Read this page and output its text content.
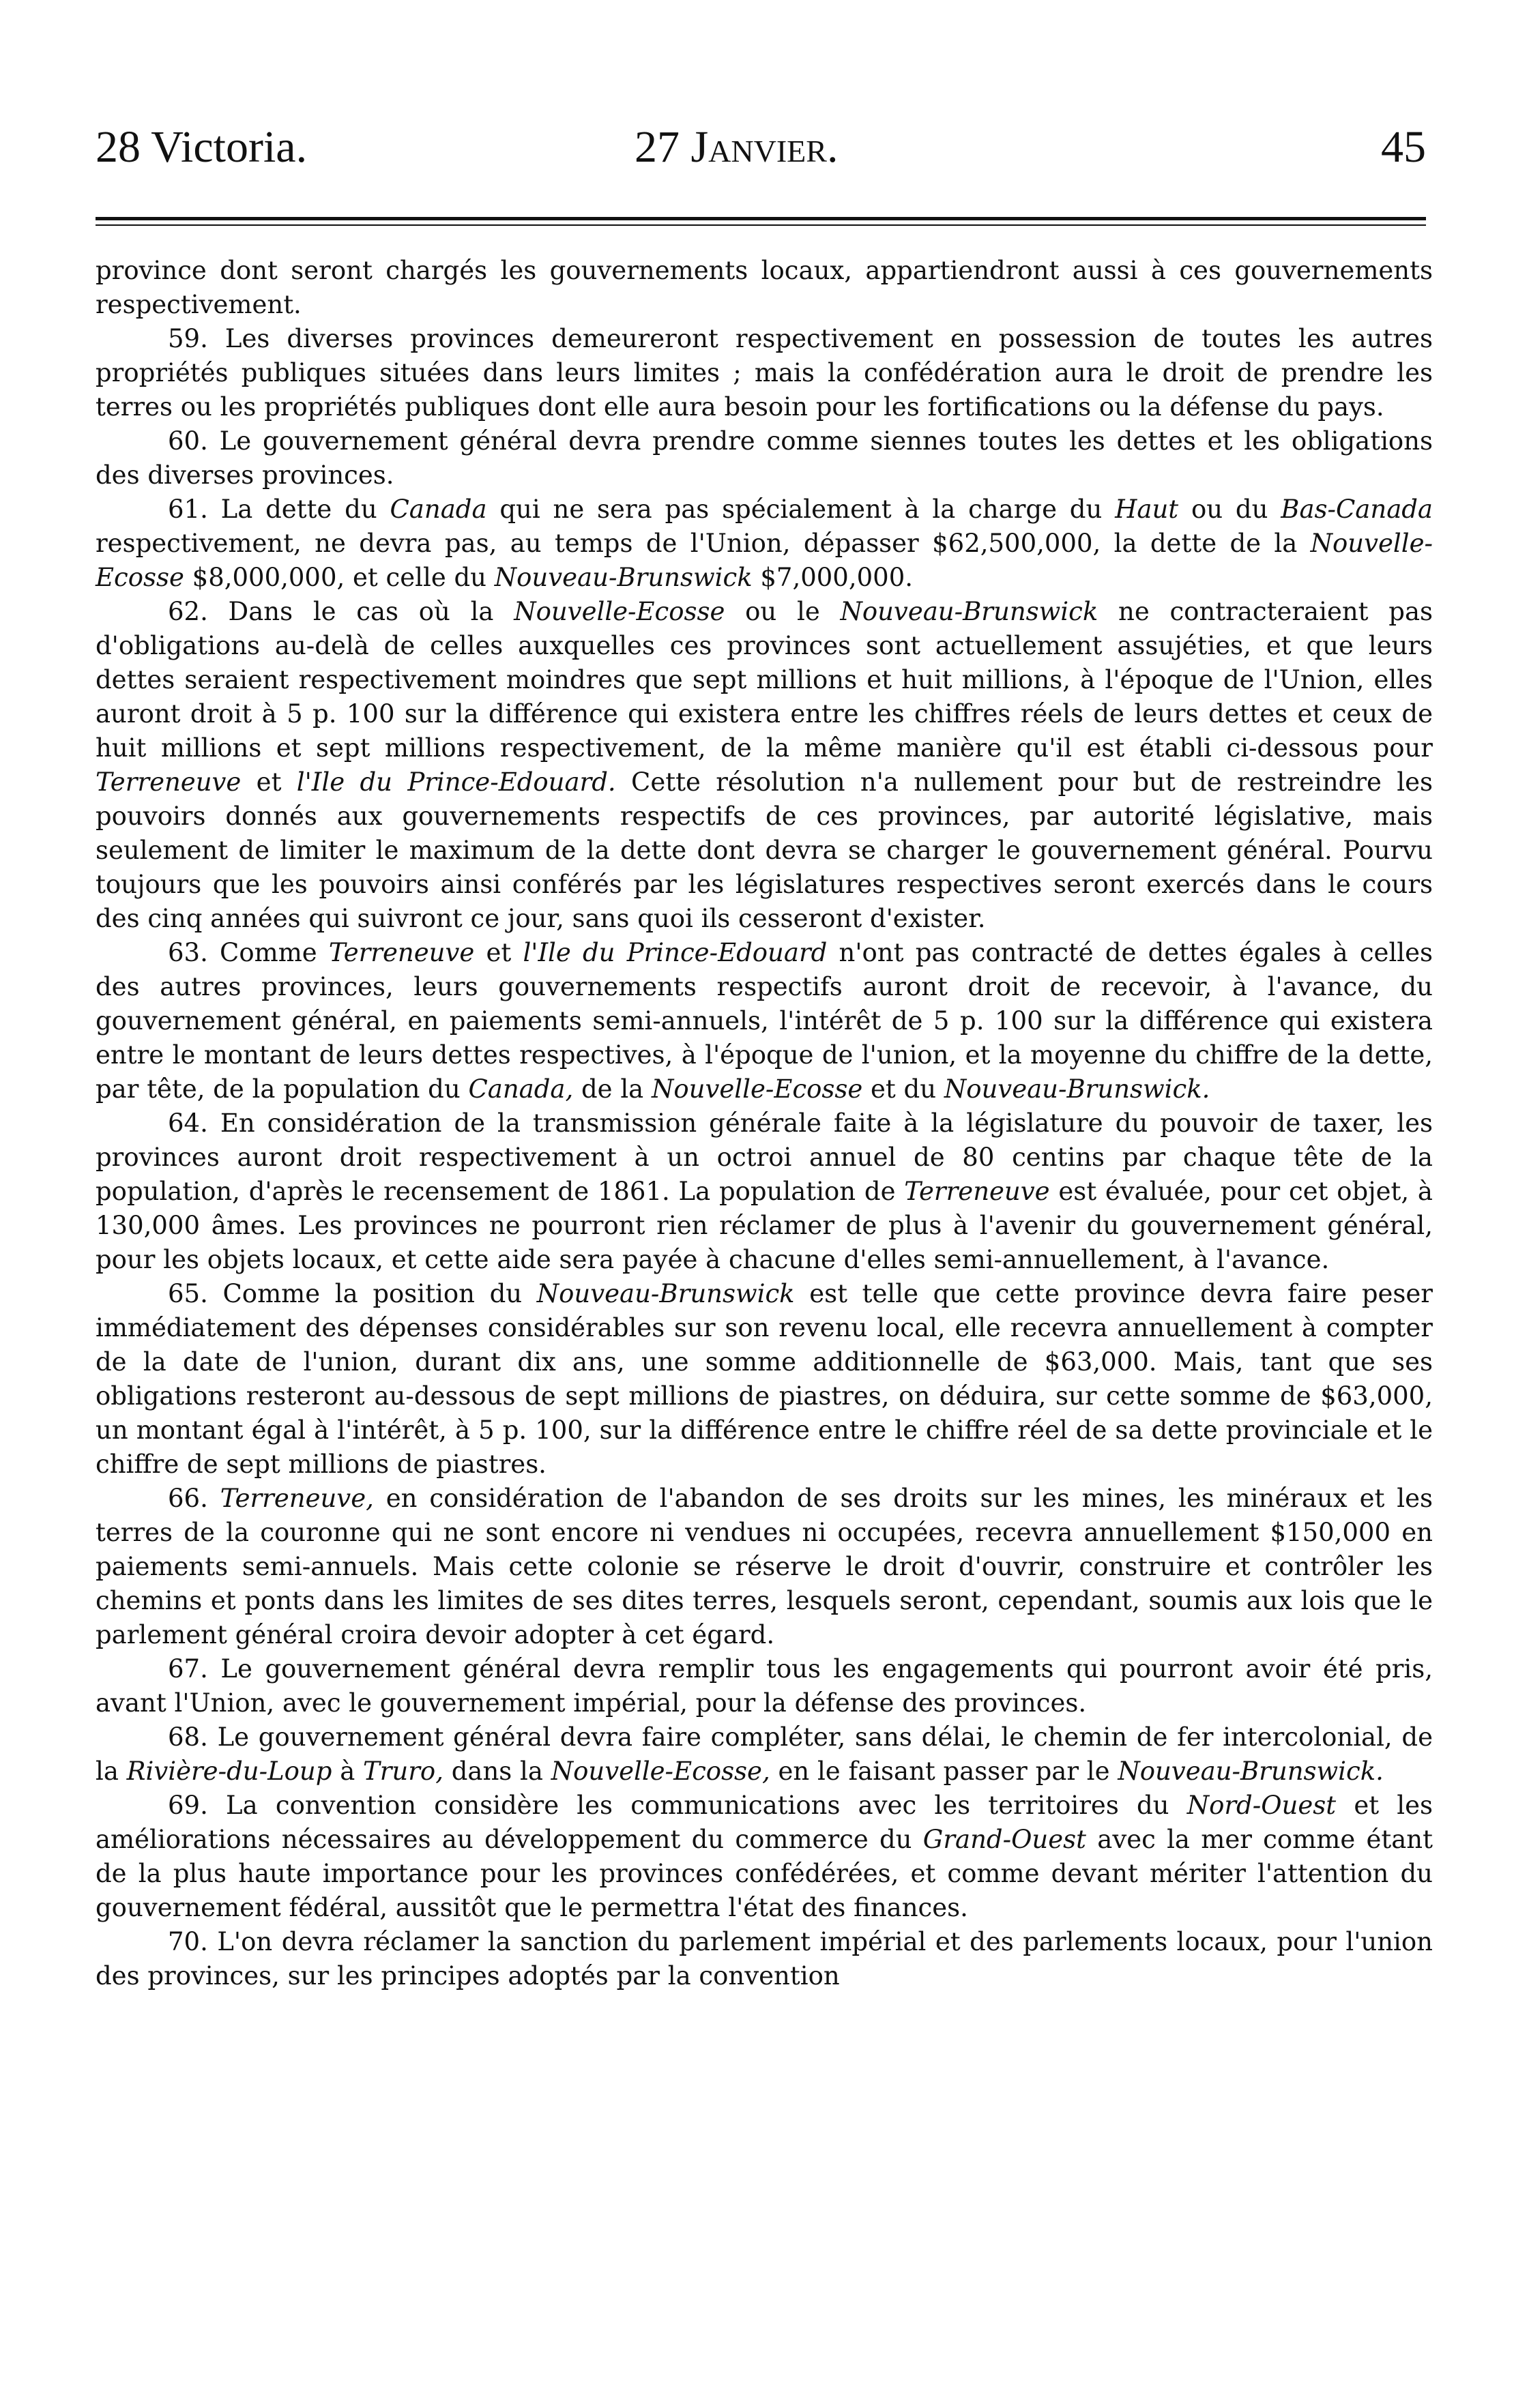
28 Victoria.	27 Janvier.	45

province dont seront chargés les gouvernements locaux, appartiendront aussi à ces gouvernements respectivement.

59. Les diverses provinces demeureront respectivement en possession de toutes les autres propriétés publiques situées dans leurs limites ; mais la confédération aura le droit de prendre les terres ou les propriétés publiques dont elle aura besoin pour les fortifications ou la défense du pays.

60. Le gouvernement général devra prendre comme siennes toutes les dettes et les obligations des diverses provinces.

61. La dette du Canada qui ne sera pas spécialement à la charge du Haut ou du Bas-Canada respectivement, ne devra pas, au temps de l'Union, dépasser $62,500,000, la dette de la Nouvelle-Ecosse $8,000,000, et celle du Nouveau-Brunswick $7,000,000.

62. Dans le cas où la Nouvelle-Ecosse ou le Nouveau-Brunswick ne contracteraient pas d'obligations au-delà de celles auxquelles ces provinces sont actuellement assujéties, et que leurs dettes seraient respectivement moindres que sept millions et huit millions, à l'époque de l'Union, elles auront droit à 5 p. 100 sur la différence qui existera entre les chiffres réels de leurs dettes et ceux de huit millions et sept millions respectivement, de la même manière qu'il est établi ci-dessous pour Terreneuve et l'Ile du Prince-Edouard. Cette résolution n'a nullement pour but de restreindre les pouvoirs donnés aux gouvernements respectifs de ces provinces, par autorité législative, mais seulement de limiter le maximum de la dette dont devra se charger le gouvernement général. Pourvu toujours que les pouvoirs ainsi conférés par les législatures respectives seront exercés dans le cours des cinq années qui suivront ce jour, sans quoi ils cesseront d'exister.

63. Comme Terreneuve et l'Ile du Prince-Edouard n'ont pas contracté de dettes égales à celles des autres provinces, leurs gouvernements respectifs auront droit de recevoir, à l'avance, du gouvernement général, en paiements semi-annuels, l'intérêt de 5 p. 100 sur la différence qui existera entre le montant de leurs dettes respectives, à l'époque de l'union, et la moyenne du chiffre de la dette, par tête, de la population du Canada, de la Nouvelle-Ecosse et du Nouveau-Brunswick.

64. En considération de la transmission générale faite à la législature du pouvoir de taxer, les provinces auront droit respectivement à un octroi annuel de 80 centins par chaque tête de la population, d'après le recensement de 1861. La population de Terreneuve est évaluée, pour cet objet, à 130,000 âmes. Les provinces ne pourront rien réclamer de plus à l'avenir du gouvernement général, pour les objets locaux, et cette aide sera payée à chacune d'elles semi-annuellement, à l'avance.

65. Comme la position du Nouveau-Brunswick est telle que cette province devra faire peser immédiatement des dépenses considérables sur son revenu local, elle recevra annuellement à compter de la date de l'union, durant dix ans, une somme additionnelle de $63,000. Mais, tant que ses obligations resteront au-dessous de sept millions de piastres, on déduira, sur cette somme de $63,000, un montant égal à l'intérêt, à 5 p. 100, sur la différence entre le chiffre réel de sa dette provinciale et le chiffre de sept millions de piastres.

66. Terreneuve, en considération de l'abandon de ses droits sur les mines, les minéraux et les terres de la couronne qui ne sont encore ni vendues ni occupées, recevra annuellement $150,000 en paiements semi-annuels. Mais cette colonie se réserve le droit d'ouvrir, construire et contrôler les chemins et ponts dans les limites de ses dites terres, lesquels seront, cependant, soumis aux lois que le parlement général croira devoir adopter à cet égard.

67. Le gouvernement général devra remplir tous les engagements qui pourront avoir été pris, avant l'Union, avec le gouvernement impérial, pour la défense des provinces.

68. Le gouvernement général devra faire compléter, sans délai, le chemin de fer intercolonial, de la Rivière-du-Loup à Truro, dans la Nouvelle-Ecosse, en le faisant passer par le Nouveau-Brunswick.

69. La convention considère les communications avec les territoires du Nord-Ouest et les améliorations nécessaires au développement du commerce du Grand-Ouest avec la mer comme étant de la plus haute importance pour les provinces confédérées, et comme devant mériter l'attention du gouvernement fédéral, aussitôt que le permettra l'état des finances.

70. L'on devra réclamer la sanction du parlement impérial et des parlements locaux, pour l'union des provinces, sur les principes adoptés par la convention
